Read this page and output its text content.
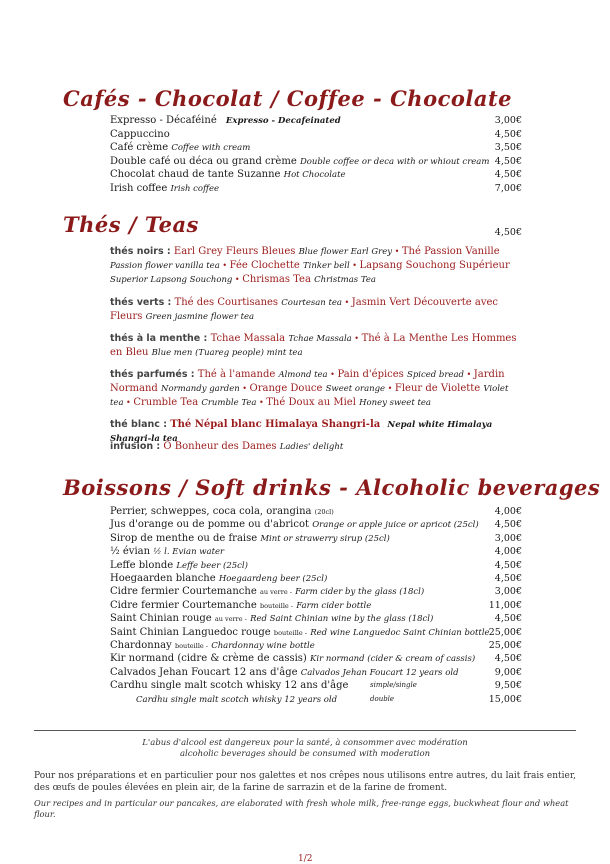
Cafés - Chocolat / Coffee - Chocolate
Expresso - Décaféiné Expresso - Decafeinated	3,00€
Cappuccino	4,50€
Café crème Coffee with cream	3,50€
Double café ou déca ou grand crème Double coffee or deca with or whiout cream 4,50€
Chocolat chaud de tante Suzanne Hot Chocolate	4,50€
Irish coffee Irish coffee	7,00€
Thés / Teas	4,50€
thés noirs : Earl Grey Fleurs Bleues Blue flower Earl Grey • Thé Passion Vanille Passion flower vanilla tea • Fée Clochette Tinker bell • Lapsang Souchong Supérieur Superior Lapsong Souchong • Chrismas Tea Christmas Tea
thés verts : Thé des Courtisanes Courtesan tea • Jasmin Vert Découverte avec Fleurs Green jasmine flower tea
thés à la menthe : Tchae Massala Tchae Massala • Thé à La Menthe Les Hommes en Bleu Blue men (Tuareg people) mint tea
thés parfumés : Thé à l'amande Almond tea • Pain d'épices Spiced bread • Jardin Normand Normandy garden • Orange Douce Sweet orange • Fleur de Violette Violet tea • Crumble Tea Crumble Tea • Thé Doux au Miel Honey sweet tea
thé blanc : Thé Népal blanc Himalaya Shangri-la Nepal white Himalaya Shangri-la tea
infusion : Ô Bonheur des Dames Ladies' delight
Boissons / Soft drinks - Alcoholic beverages
Perrier, schweppes, coca cola, orangina (20cl)	4,00€
Jus d'orange ou de pomme ou d'abricot Orange or apple juice or apricot (25cl) 4,50€
Sirop de menthe ou de fraise Mint or strawerry sirup (25cl)	3,00€
½ évian ½ l. Evian water	4,00€
Leffe blonde Leffe beer (25cl)	4,50€
Hoegaarden blanche Hoegaardeng beer (25cl)	4,50€
Cidre fermier Courtemanche au verre - Farm cider by the glass (18cl)	3,00€
Cidre fermier Courtemanche bouteille - Farm cider bottle	11,00€
Saint Chinian rouge au verre - Red Saint Chinian wine by the glass (18cl)	4,50€
Saint Chinian Languedoc rouge bouteille - Red wine Languedoc Saint Chinian bottle 25,00€
Chardonnay bouteille - Chardonnay wine bottle	25,00€
Kir normand (cidre & crème de cassis) Kir normand (cider & cream of cassis) 4,50€
Calvados Jehan Foucart 12 ans d'âge Calvados Jehan Foucart 12 years old	9,00€
Cardhu single malt scotch whisky 12 ans d'âge	simple/single	9,50€
Cardhu single malt scotch whisky 12 years old	double	15,00€
L'abus d'alcool est dangereux pour la santé, à consommer avec modération
alcoholic beverages should be consumed with moderation
Pour nos préparations et en particulier pour nos galettes et nos crêpes nous utilisons entre autres, du lait frais entier, des œufs de poules élevées en plein air, de la farine de sarrazin et de la farine de froment.
Our recipes and in particular our pancakes, are elaborated with fresh whole milk, free-range eggs, buckwheat flour and wheat flour.
1/2
